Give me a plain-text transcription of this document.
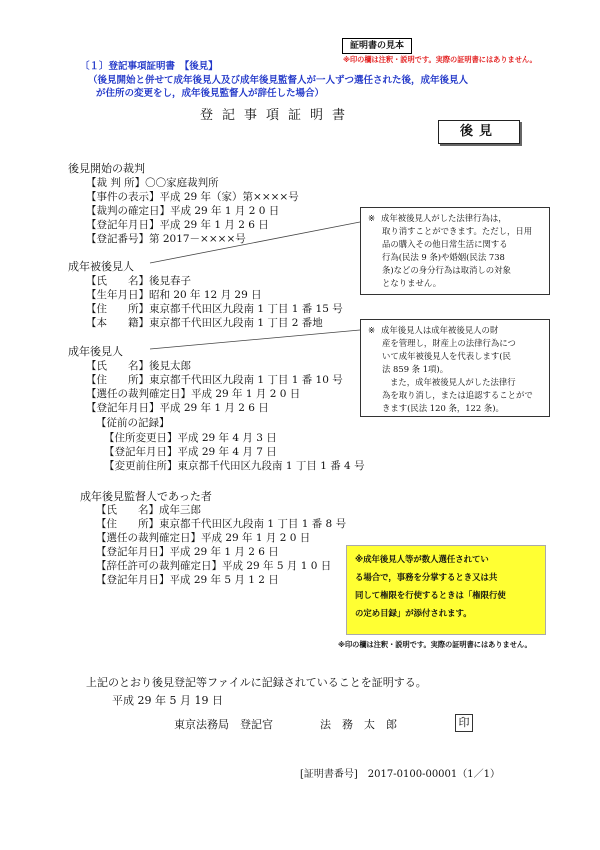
証明書の見本
※印の欄は注釈・説明です。実際の証明書にはありません。
〔１〕登記事項証明書　【後見】
（後見開始と併せて成年後見人及び成年後見監督人が一人ずつ選任された後，成年後見人
が住所の変更をし，成年後見監督人が辞任した場合）
登記事項証明書
後見
後見開始の裁判
【裁 判 所】〇〇家庭裁判所
【事件の表示】平成 29 年（家）第××××号
【裁判の確定日】平成 29 年 1 月 2 0 日
【登記年月日】平成 29 年 1 月 2 6 日
【登記番号】第 2017－××××号
成年被後見人
【氏　　名】後見春子
【生年月日】昭和 20 年 12 月 29 日
【住　　所】東京都千代田区九段南 1 丁目 1 番 15 号
【本　　籍】東京都千代田区九段南 1 丁目 2 番地
成年後見人
【氏　　名】後見太郎
【住　　所】東京都千代田区九段南 1 丁目 1 番 10 号
【選任の裁判確定日】平成 29 年 1 月 2 0 日
【登記年月日】平成 29 年 1 月 2 6 日
【従前の記録】
【住所変更日】平成 29 年 4 月 3 日
【登記年月日】平成 29 年 4 月 7 日
【変更前住所】東京都千代田区九段南 1 丁目 1 番 4 号
成年後見監督人であった者
【氏　　名】成年三郎
【住　　所】東京都千代田区九段南 1 丁目 1 番 8 号
【選任の裁判確定日】平成 29 年 1 月 2 0 日
【登記年月日】平成 29 年 1 月 2 6 日
【辞任許可の裁判確定日】平成 29 年 5 月 1 0 日
【登記年月日】平成 29 年 5 月 1 2 日
※ 成年被後見人がした法律行為は，
取り消すことができます。ただし，日用
品の購入その他日常生活に関する
行為(民法 9 条)や婚姻(民法 738
条)などの身分行為は取消しの対象
となりません。
※ 成年後見人は成年被後見人の財
産を管理し，財産上の法律行為につ
いて成年被後見人を代表します(民
法 859 条 1項)。
また，成年被後見人がした法律行
為を取り消し，または追認することがで
きます(民法 120 条，122 条)。
※成年後見人等が数人選任されてい
る場合で，事務を分掌するとき又は共
同して権限を行使するときは「権限行使
の定め目録」が添付されます。
※印の欄は注釈・説明です。実際の証明書にはありません。
上記のとおり後見登記等ファイルに記録されていることを証明する。
平成 29 年 5 月 19 日
東京法務局　登記官	法　務　太　郎	印
[証明書番号]　2017-0100-00001（1／1）
